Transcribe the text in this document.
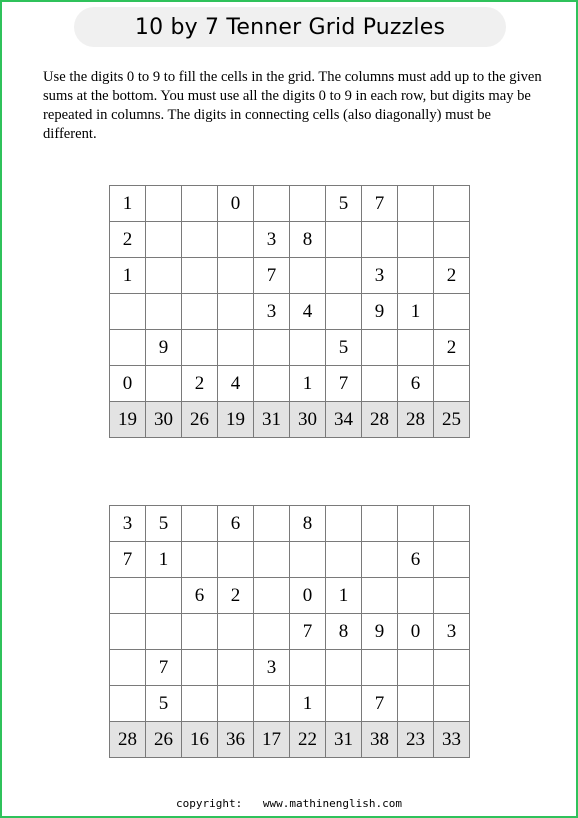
10 by 7 Tenner Grid Puzzles
Use the digits 0 to 9 to fill the cells in the grid. The columns must add up to the given sums at the bottom. You must use all the digits 0 to 9 in each row, but digits may be repeated in columns. The digits in connecting cells (also diagonally) must be different.
1			0			5	7		
2				3	8				
1				7			3		2
				3	4		9	1	
	9					5			2
0		2	4		1	7		6	
19	30	26	19	31	30	34	28	28	25
3	5		6		8				
7	1							6	
		6	2		0	1			
					7	8	9	0	3
	7			3					
	5				1		7		
28	26	16	36	17	22	31	38	23	33
copyright: www.mathinenglish.com
